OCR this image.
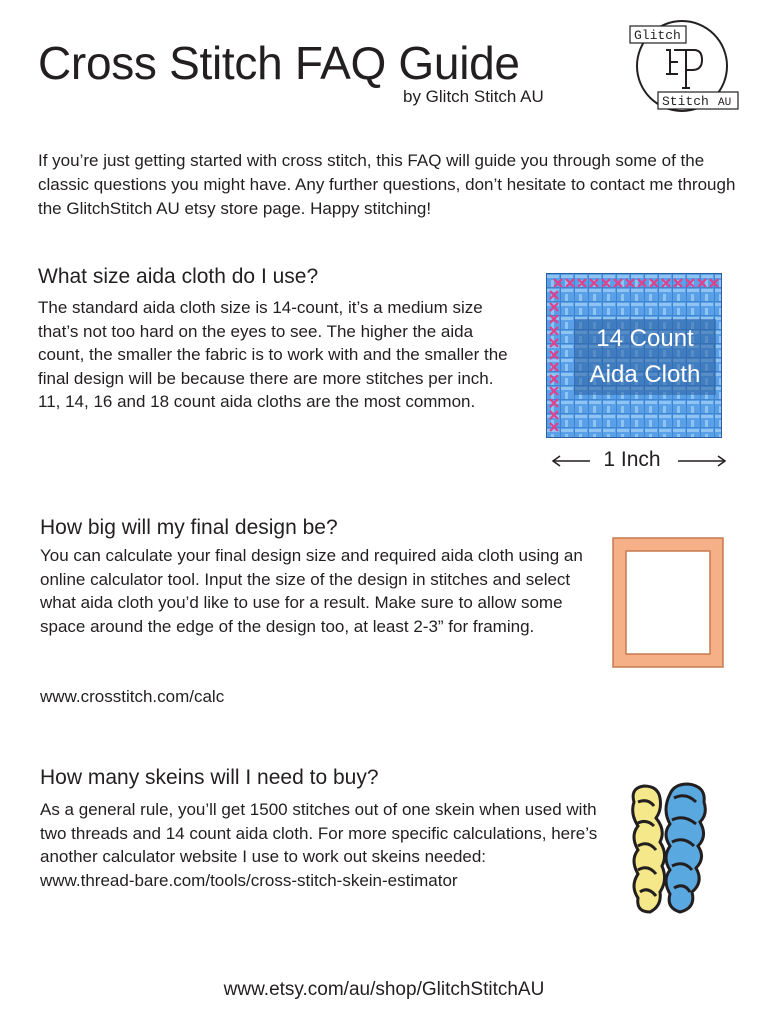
Cross Stitch FAQ Guide
by Glitch Stitch AU
Glitch
Stitch AU
If you’re just getting started with cross stitch, this FAQ will guide you through some of the classic questions you might have. Any further questions, don’t hesitate to contact me through the GlitchStitch AU etsy store page. Happy stitching!
What size aida cloth do I use?

The standard aida cloth size is 14-count, it’s a medium size that’s not too hard on the eyes to see. The higher the aida count, the smaller the fabric is to work with and the smaller the final design will be because there are more stitches per inch.

11, 14, 16 and 18 count aida cloths are the most common.

14 Count
Aida Cloth
1 Inch
How big will my final design be?

You can calculate your final design size and required aida cloth using an online calculator tool. Input the size of the design in stitches and select what aida cloth you’d like to use for a result. Make sure to allow some space around the edge of the design too, at least 2-3” for framing.

www.crosstitch.com/calc
How many skeins will I need to buy?

As a general rule, you’ll get 1500 stitches out of one skein when used with two threads and 14 count aida cloth. For more specific calculations, here’s another calculator website I use to work out skeins needed:

www.thread-bare.com/tools/cross-stitch-skein-estimator

www.etsy.com/au/shop/GlitchStitchAU
